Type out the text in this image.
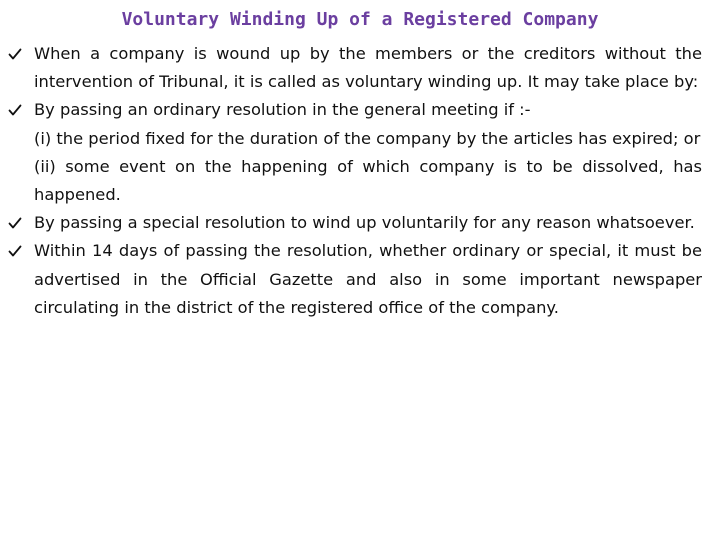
Voluntary Winding Up of a Registered Company

When a company is wound up by the members or the creditors without the intervention of Tribunal, it is called as voluntary winding up. It may take place by:

By passing an ordinary resolution in the general meeting if :-
(i) the period fixed for the duration of the company by the articles has expired; or
(ii) some event on the happening of which company is to be dissolved, has happened.

By passing a special resolution to wind up voluntarily for any reason whatsoever.

Within 14 days of passing the resolution, whether ordinary or special, it must be advertised in the Official Gazette and also in some important newspaper circulating in the district of the registered office of the company.
